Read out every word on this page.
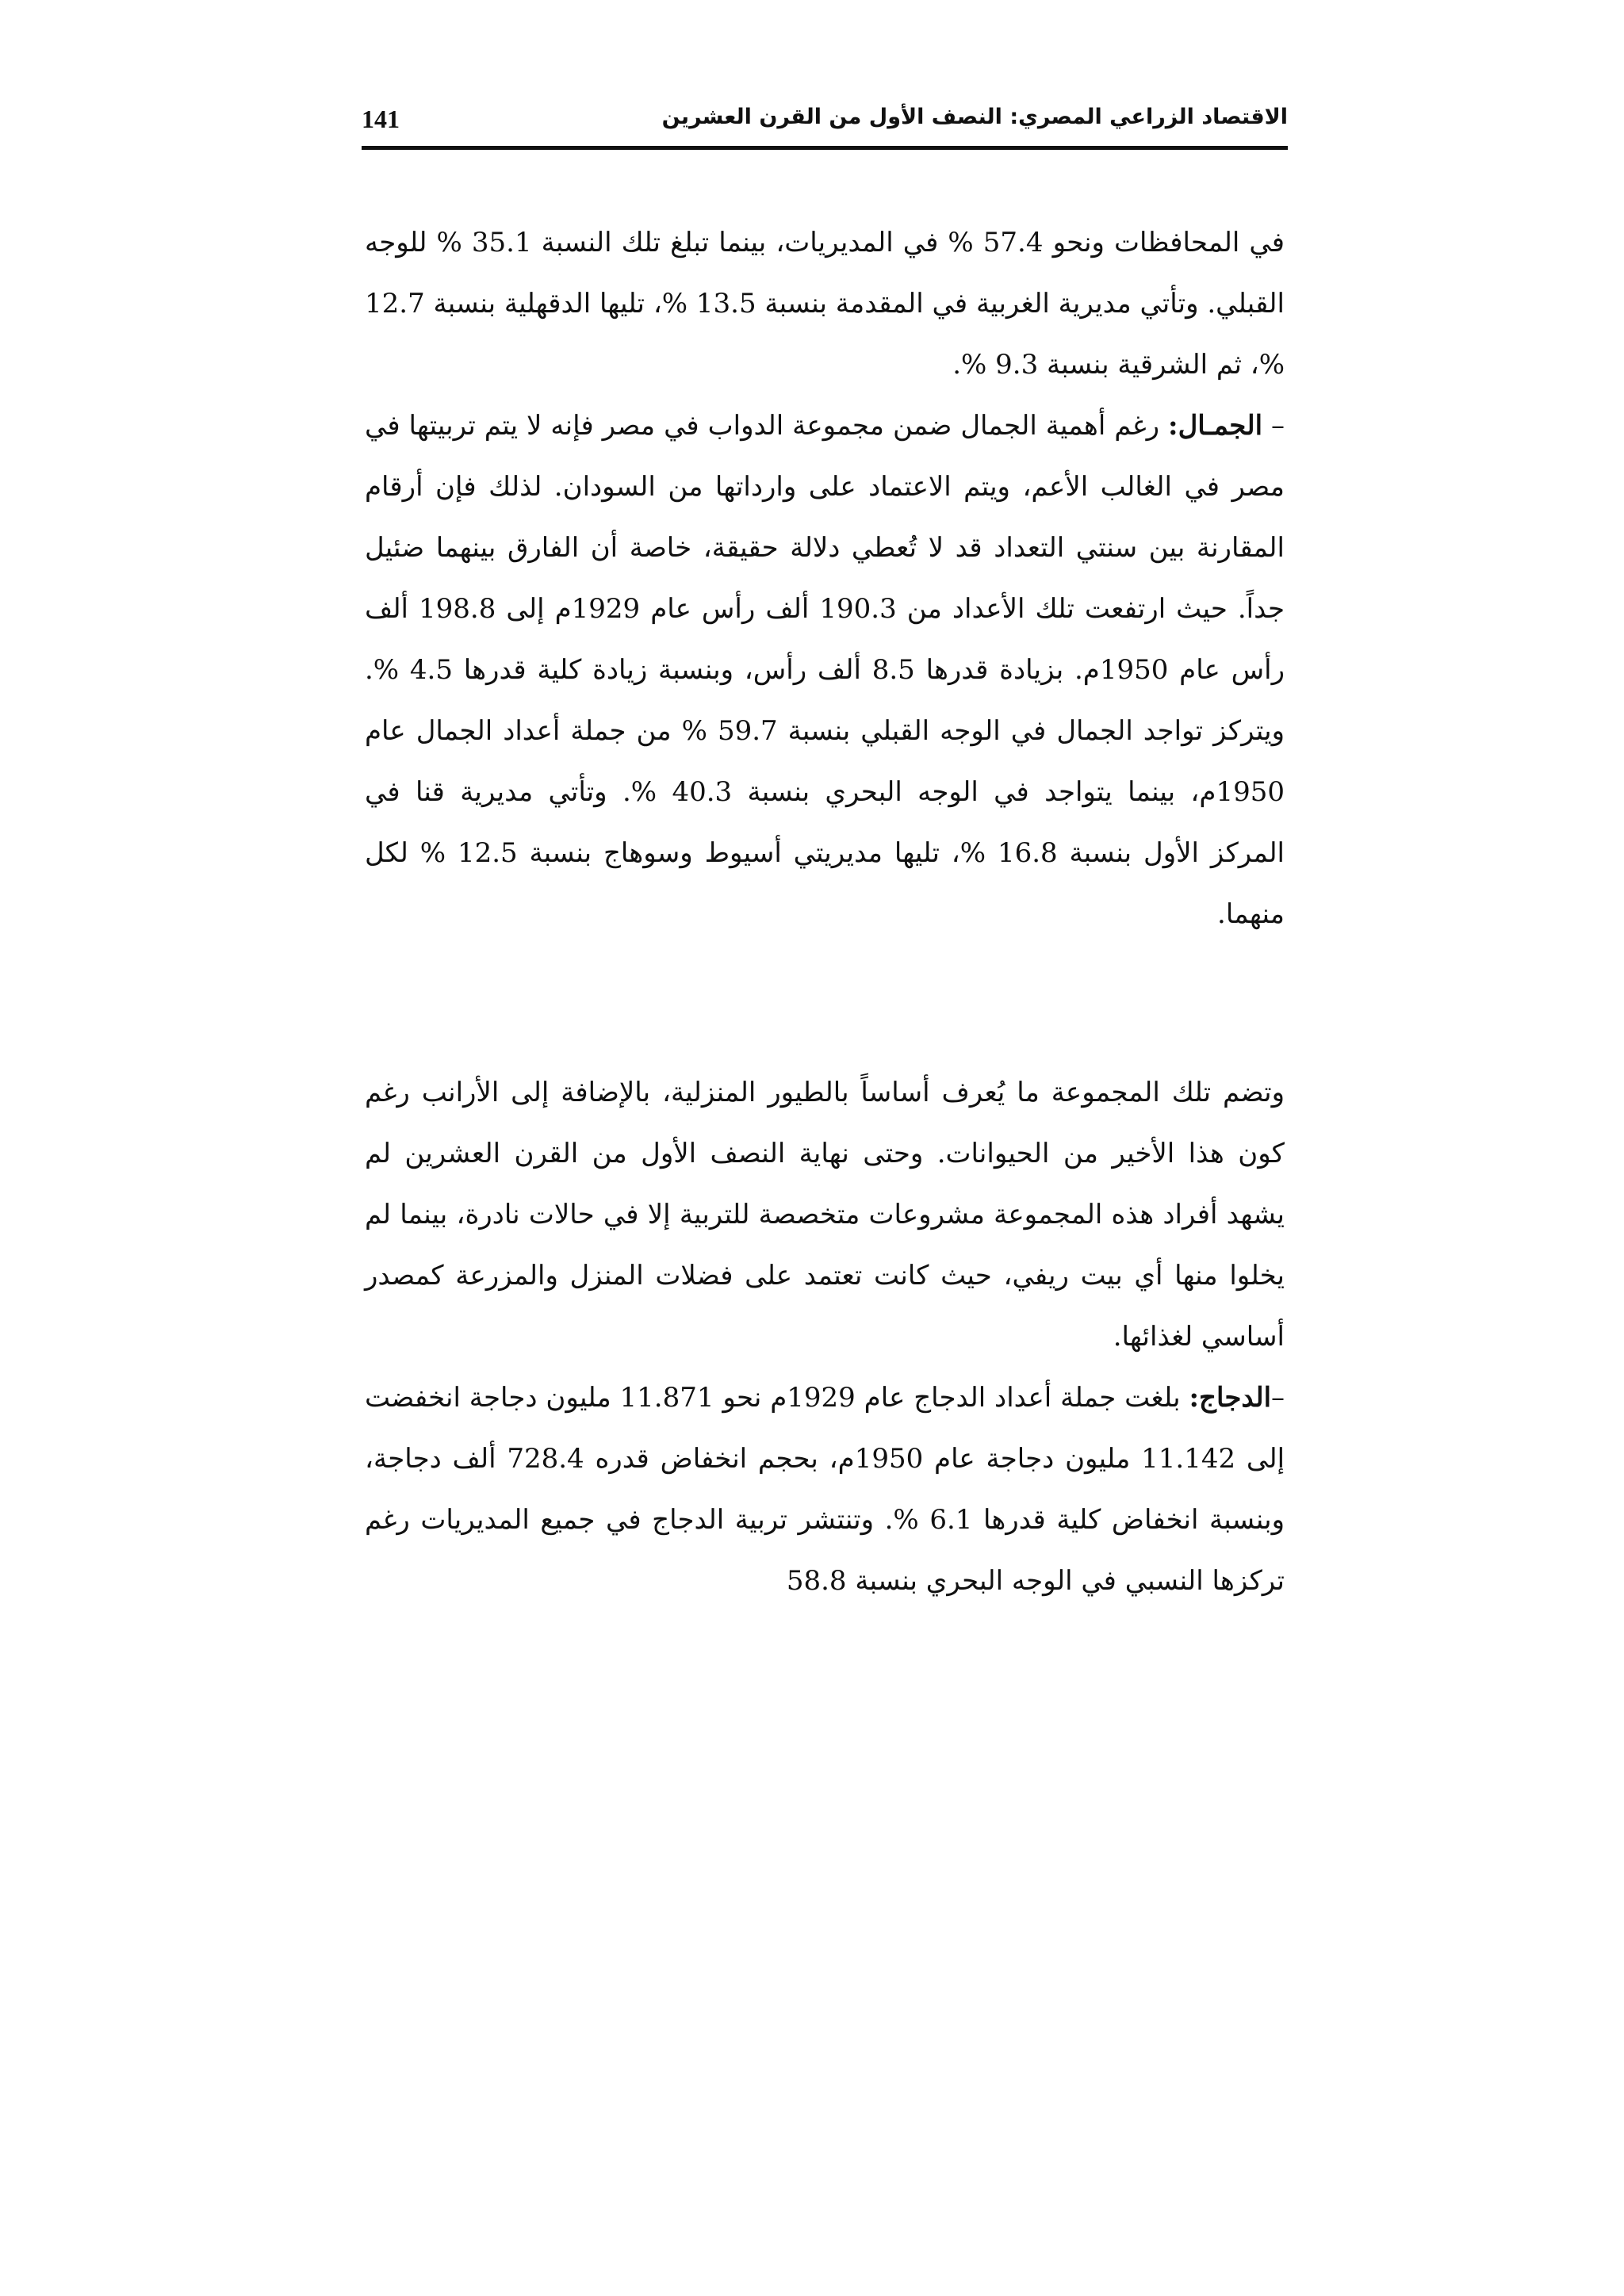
الاقتصاد الزراعي المصري: النصف الأول من القرن العشرين
141

في المحافظات ونحو 57.4 % في المديريات، بينما تبلغ تلك النسبة 35.1 % للوجه القبلي. وتأتي مديرية الغربية في المقدمة بنسبة 13.5 %، تليها الدقهلية بنسبة 12.7 %، ثم الشرقية بنسبة 9.3 %.

– الجمـال: رغم أهمية الجمال ضمن مجموعة الدواب في مصر فإنه لا يتم تربيتها في مصر في الغالب الأعم، ويتم الاعتماد على وارداتها من السودان. لذلك فإن أرقام المقارنة بين سنتي التعداد قد لا تُعطي دلالة حقيقة، خاصة أن الفارق بينهما ضئيل جداً. حيث ارتفعت تلك الأعداد من 190.3 ألف رأس عام 1929م إلى 198.8 ألف رأس عام 1950م. بزيادة قدرها 8.5 ألف رأس، وبنسبة زيادة كلية قدرها 4.5 %. ويتركز تواجد الجمال في الوجه القبلي بنسبة 59.7 % من جملة أعداد الجمال عام 1950م، بينما يتواجد في الوجه البحري بنسبة 40.3 %. وتأتي مديرية قنا في المركز الأول بنسبة 16.8 %، تليها مديريتي أسيوط وسوهاج بنسبة 12.5 % لكل منهما.

وتضم تلك المجموعة ما يُعرف أساساً بالطيور المنزلية، بالإضافة إلى الأرانب رغم كون هذا الأخير من الحيوانات. وحتى نهاية النصف الأول من القرن العشرين لم يشهد أفراد هذه المجموعة مشروعات متخصصة للتربية إلا في حالات نادرة، بينما لم يخلوا منها أي بيت ريفي، حيث كانت تعتمد على فضلات المنزل والمزرعة كمصدر أساسي لغذائها.

–الدجاج: بلغت جملة أعداد الدجاج عام 1929م نحو 11.871 مليون دجاجة انخفضت إلى 11.142 مليون دجاجة عام 1950م، بحجم انخفاض قدره 728.4 ألف دجاجة، وبنسبة انخفاض كلية قدرها 6.1 %. وتنتشر تربية الدجاج في جميع المديريات رغم تركزها النسبي في الوجه البحري بنسبة 58.8
